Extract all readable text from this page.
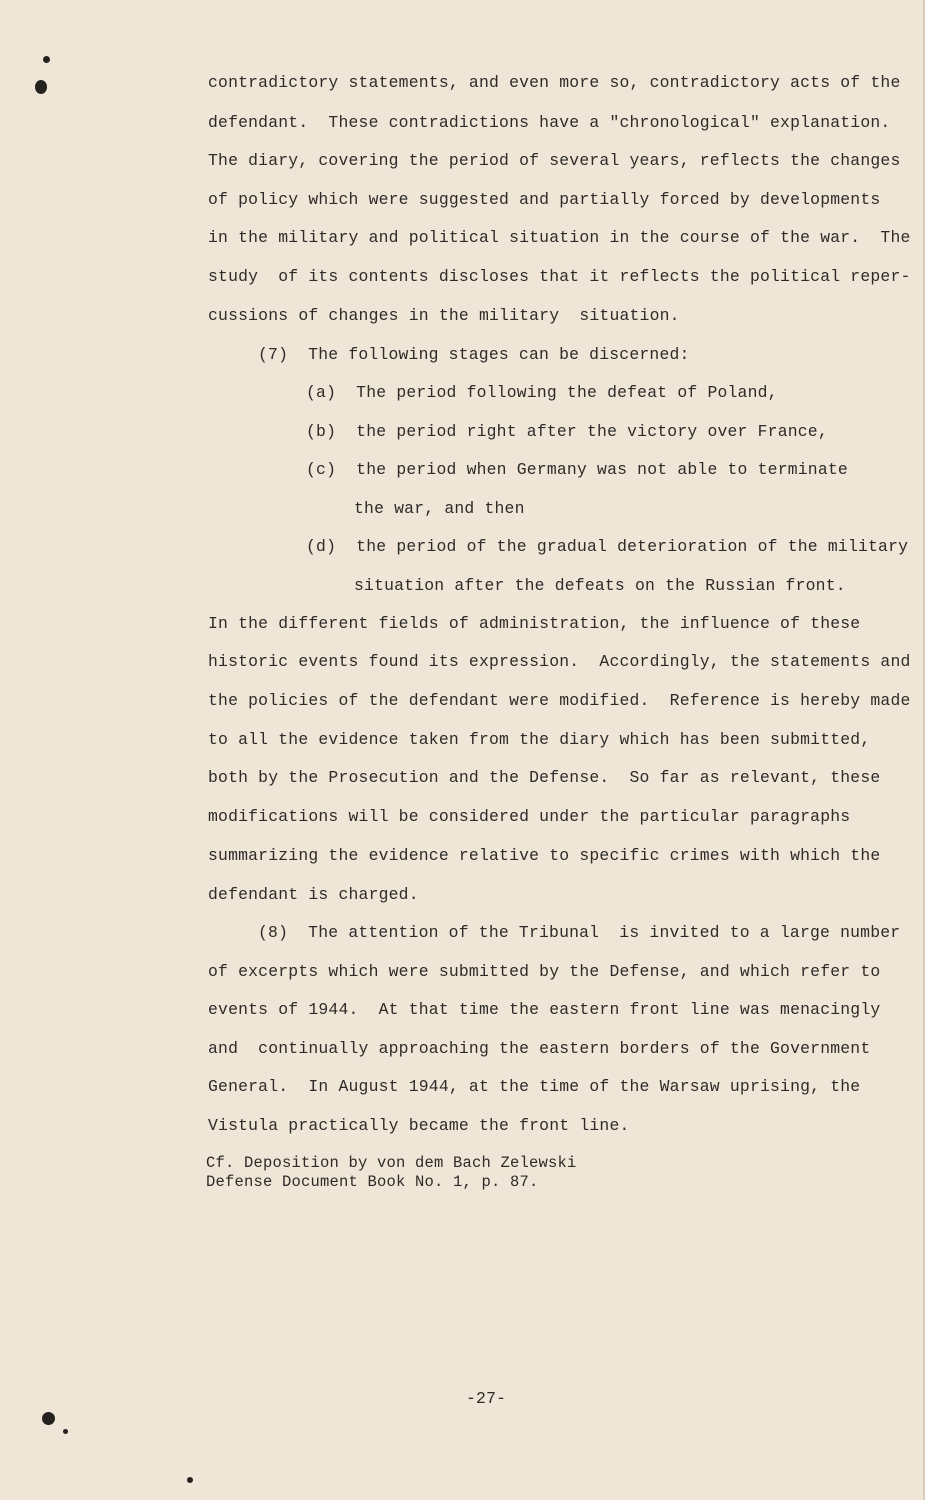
contradictory statements, and even more so, contradictory acts of the
defendant.  These contradictions have a "chronological" explanation.
The diary, covering the period of several years, reflects the changes
of policy which were suggested and partially forced by developments
in the military and political situation in the course of the war.  The
study  of its contents discloses that it reflects the political reper-
cussions of changes in the military  situation.
(7)  The following stages can be discerned:
(a)  The period following the defeat of Poland,
(b)  the period right after the victory over France,
(c)  the period when Germany was not able to terminate
the war, and then
(d)  the period of the gradual deterioration of the military
situation after the defeats on the Russian front.
In the different fields of administration, the influence of these
historic events found its expression.  Accordingly, the statements and
the policies of the defendant were modified.  Reference is hereby made
to all the evidence taken from the diary which has been submitted,
both by the Prosecution and the Defense.  So far as relevant, these
modifications will be considered under the particular paragraphs
summarizing the evidence relative to specific crimes with which the
defendant is charged.
(8)  The attention of the Tribunal  is invited to a large number
of excerpts which were submitted by the Defense, and which refer to
events of 1944.  At that time the eastern front line was menacingly
and  continually approaching the eastern borders of the Government
General.  In August 1944, at the time of the Warsaw uprising, the
Vistula practically became the front line.
Cf. Deposition by von dem Bach Zelewski
Defense Document Book No. 1, p. 87.
-27-
